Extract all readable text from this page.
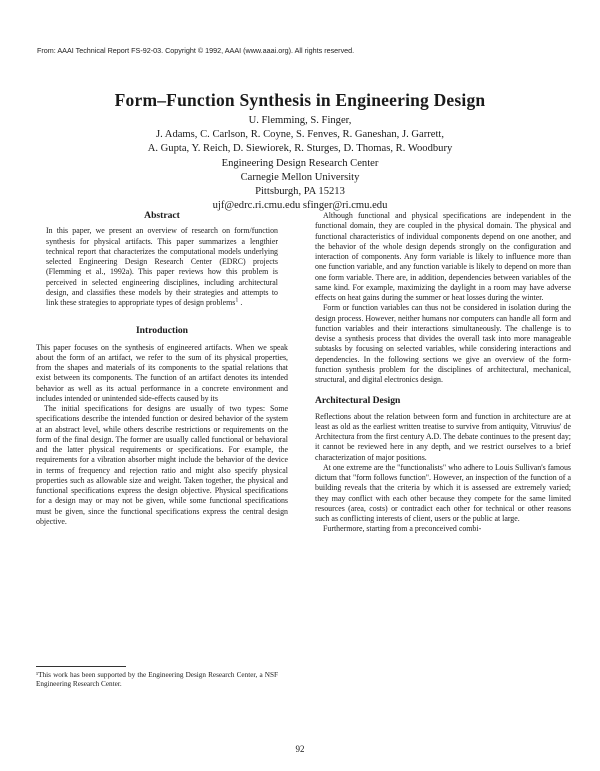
From: AAAI Technical Report FS-92-03. Copyright © 1992, AAAI (www.aaai.org). All rights reserved.
Form–Function Synthesis in Engineering Design
U. Flemming, S. Finger,
J. Adams, C. Carlson, R. Coyne, S. Fenves, R. Ganeshan, J. Garrett,
A. Gupta, Y. Reich, D. Siewiorek, R. Sturges, D. Thomas, R. Woodbury
Engineering Design Research Center
Carnegie Mellon University
Pittsburgh, PA 15213
ujf@edrc.ri.cmu.edu sfinger@ri.cmu.edu
Abstract

In this paper, we present an overview of research on form/function synthesis for physical artifacts. This paper summarizes a lengthier technical report that characterizes the computational models underlying selected Engineering Design Research Center (EDRC) projects (Flemming et al., 1992a). This paper reviews how this problem is perceived in selected engineering disciplines, including architectural design, and classifies these models by their strategies and attempts to link these strategies to appropriate types of design problems$^1$ .

Introduction

This paper focuses on the synthesis of engineered artifacts. When we speak about the form of an artifact, we refer to the sum of its physical properties, from the shapes and materials of its components to the spatial relations that exist between its components. The function of an artifact denotes its intended behavior as well as its actual performance in a concrete environment and includes intended or unintended side-effects caused by its

The initial specifications for designs are usually of two types: Some specifications describe the intended function or desired behavior of the system at an abstract level, while others describe restrictions or requirements on the form of the final design. The former are usually called functional or behavioral and the latter physical requirements or specifications. For example, the requirements for a vibration absorber might include the behavior of the device in terms of frequency and rejection ratio and might also specify physical properties such as allowable size and weight. Taken together, the physical and functional specifications express the design objective. Physical specifications for a design may or may not be given, while some functional specifications must be given, since the functional specifications express the central design objective.

¹This work has been supported by the Engineering Design Research Center, a NSF Engineering Research Center.

Although functional and physical specifications are independent in the functional domain, they are coupled in the physical domain. The physical and functional characteristics of individual components depend on one another, and the behavior of the whole design depends strongly on the configuration and interaction of components. Any form variable is likely to influence more than one function variable, and any function variable is likely to depend on more than one form variable. There are, in addition, dependencies between variables of the same kind. For example, maximizing the daylight in a room may have adverse effects on heat gains during the summer or heat losses during the winter.

Form or function variables can thus not be considered in isolation during the design process. However, neither humans nor computers can handle all form and function variables and their interactions simultaneously. The challenge is to devise a synthesis process that divides the overall task into more manageable subtasks by focusing on selected variables, while considering interactions and dependencies. In the following sections we give an overview of the form-function synthesis problem for the disciplines of architectural, mechanical, structural, and digital electronics design.

Architectural Design

Reflections about the relation between form and function in architecture are at least as old as the earliest written treatise to survive from antiquity, Vitruvius' de Architectura from the first century A.D. The debate continues to the present day; it cannot be reviewed here in any depth, and we restrict ourselves to a brief characterization of major positions.

At one extreme are the "functionalists" who adhere to Louis Sullivan's famous dictum that "form follows function". However, an inspection of the function of a building reveals that the criteria by which it is assessed are extremely varied; they may conflict with each other because they compete for the same limited resources (area, costs) or contradict each other for technical or other reasons such as conflicting interests of client, users or the public at large.

Furthermore, starting from a preconceived combi-

92
